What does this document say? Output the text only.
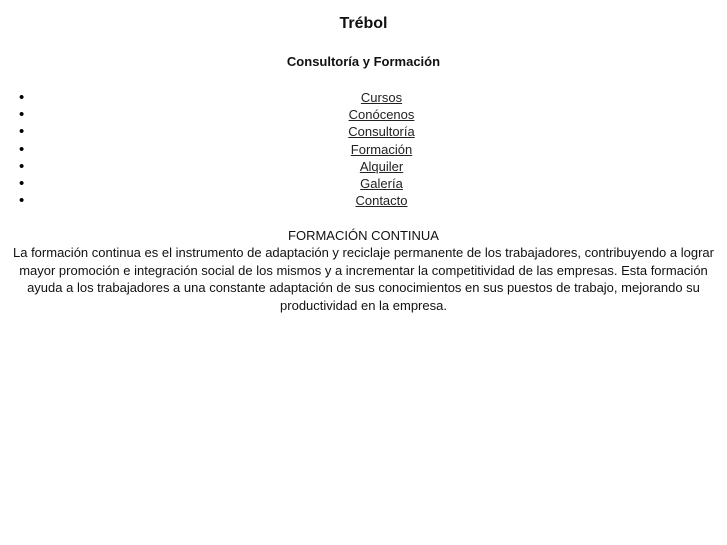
Trébol
Consultoría y Formación
•	Cursos
•	Conócenos
•	Consultoría
•	Formación
•	Alquiler
•	Galería
•	Contacto
FORMACIÓN CONTINUA

La formación continua es el instrumento de adaptación y reciclaje permanente de los trabajadores, contribuyendo a lograr mayor promoción e integración social de los mismos y a incrementar la competitividad de las empresas. Esta formación ayuda a los trabajadores a una constante adaptación de sus conocimientos en sus puestos de trabajo, mejorando su productividad en la empresa.
